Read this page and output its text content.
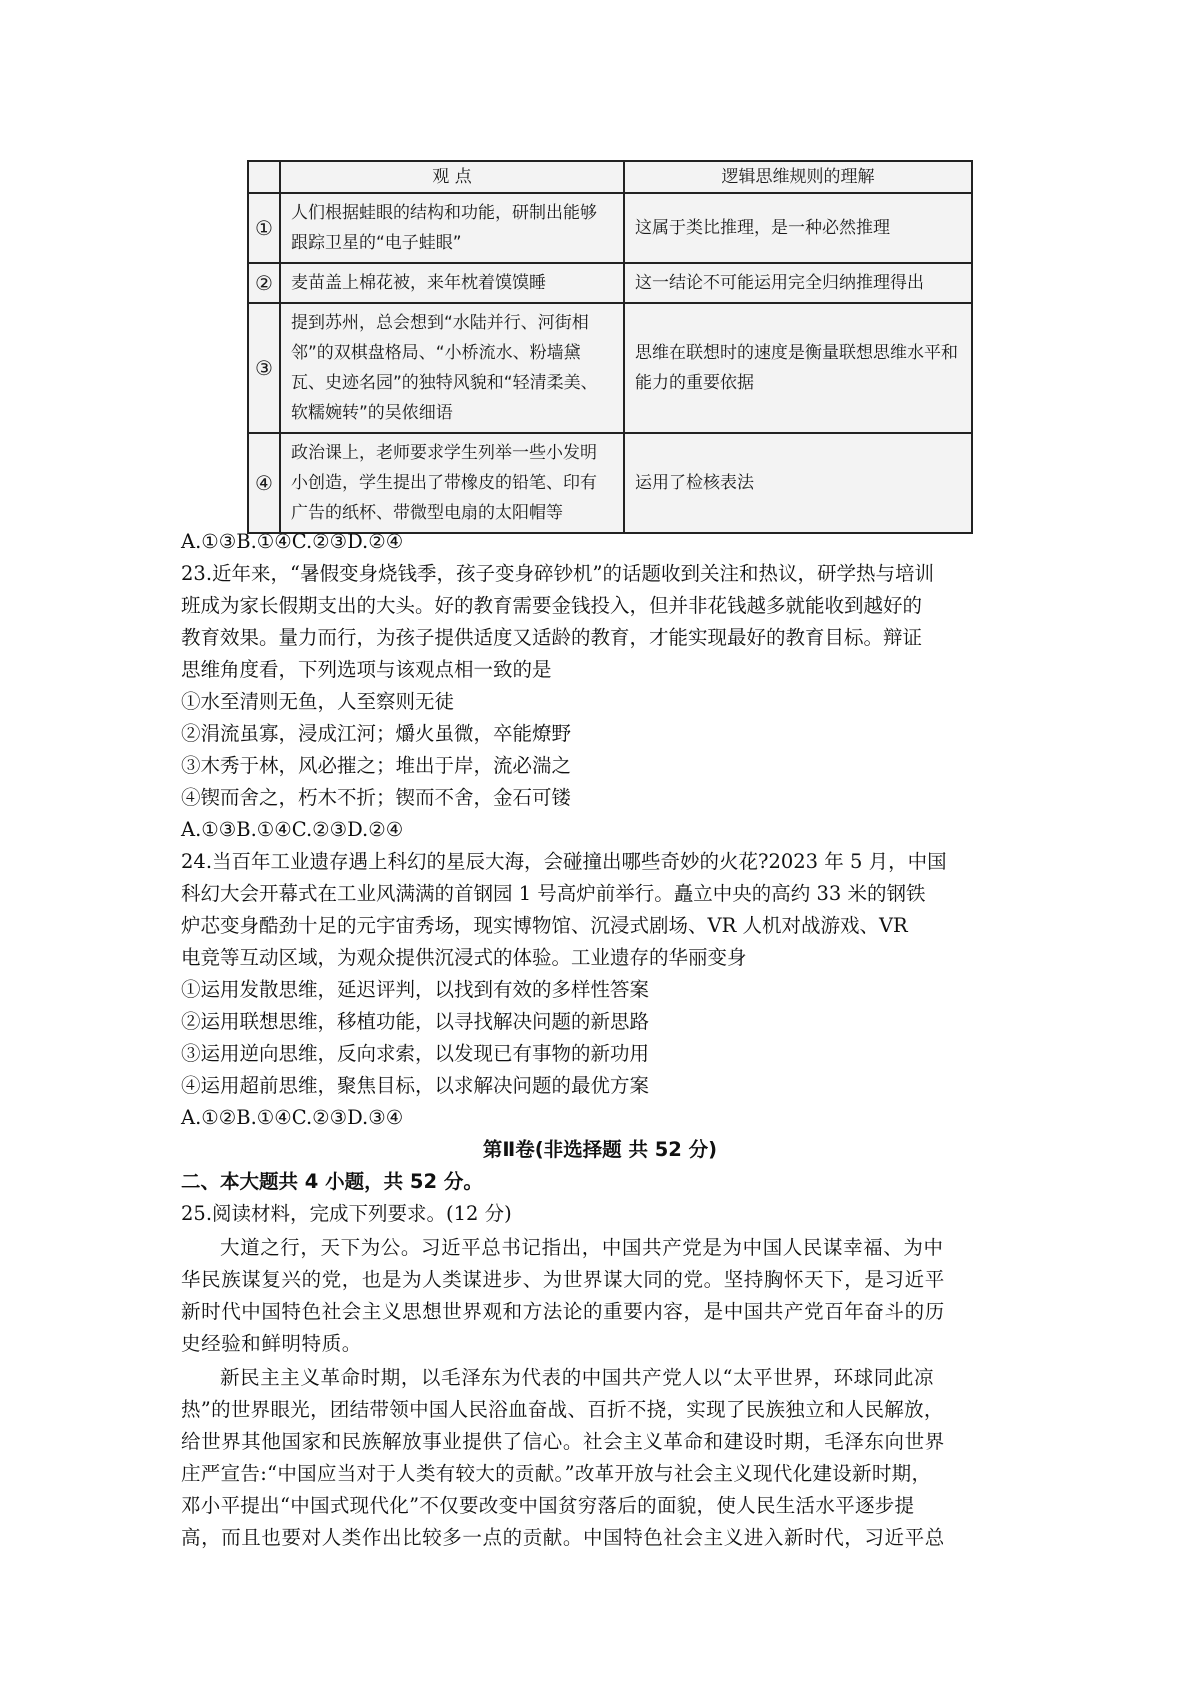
	观 点	逻辑思维规则的理解
①	人们根据蛙眼的结构和功能，研制出能够跟踪卫星的“电子蛙眼”	这属于类比推理，是一种必然推理
②	麦苗盖上棉花被，来年枕着馍馍睡	这一结论不可能运用完全归纳推理得出
③	提到苏州，总会想到“水陆并行、河街相邻”的双棋盘格局、“小桥流水、粉墙黛瓦、史迹名园”的独特风貌和“轻清柔美、软糯婉转”的吴侬细语	思维在联想时的速度是衡量联想思维水平和能力的重要依据
④	政治课上，老师要求学生列举一些小发明小创造，学生提出了带橡皮的铅笔、印有广告的纸杯、带微型电扇的太阳帽等	运用了检核表法
A.①③B.①④C.②③D.②④
23.近年来，“暑假变身烧钱季，孩子变身碎钞机”的话题收到关注和热议，研学热与培训
班成为家长假期支出的大头。好的教育需要金钱投入，但并非花钱越多就能收到越好的
教育效果。量力而行，为孩子提供适度又适龄的教育，才能实现最好的教育目标。辩证
思维角度看，下列选项与该观点相一致的是
①水至清则无鱼，人至察则无徒
②涓流虽寡，浸成江河；爝火虽微，卒能燎野
③木秀于林，风必摧之；堆出于岸，流必湍之
④锲而舍之，朽木不折；锲而不舍，金石可镂
A.①③B.①④C.②③D.②④
24.当百年工业遗存遇上科幻的星辰大海，会碰撞出哪些奇妙的火花?2023 年 5 月，中国
科幻大会开幕式在工业风满满的首钢园 1 号高炉前举行。矗立中央的高约 33 米的钢铁
炉芯变身酷劲十足的元宇宙秀场，现实博物馆、沉浸式剧场、VR 人机对战游戏、VR
电竞等互动区域，为观众提供沉浸式的体验。工业遗存的华丽变身
①运用发散思维，延迟评判，以找到有效的多样性答案
②运用联想思维，移植功能，以寻找解决问题的新思路
③运用逆向思维，反向求索，以发现已有事物的新功用
④运用超前思维，聚焦目标，以求解决问题的最优方案
A.①②B.①④C.②③D.③④
第Ⅱ卷(非选择题 共 52 分)
二、本大题共 4 小题，共 52 分。
25.阅读材料，完成下列要求。(12 分)
大道之行，天下为公。习近平总书记指出，中国共产党是为中国人民谋幸福、为中
华民族谋复兴的党，也是为人类谋进步、为世界谋大同的党。坚持胸怀天下，是习近平
新时代中国特色社会主义思想世界观和方法论的重要内容，是中国共产党百年奋斗的历
史经验和鲜明特质。
新民主主义革命时期，以毛泽东为代表的中国共产党人以“太平世界，环球同此凉
热”的世界眼光，团结带领中国人民浴血奋战、百折不挠，实现了民族独立和人民解放，
给世界其他国家和民族解放事业提供了信心。社会主义革命和建设时期，毛泽东向世界
庄严宣告:“中国应当对于人类有较大的贡献。”改革开放与社会主义现代化建设新时期，
邓小平提出“中国式现代化”不仅要改变中国贫穷落后的面貌，使人民生活水平逐步提
高，而且也要对人类作出比较多一点的贡献。中国特色社会主义进入新时代，习近平总
